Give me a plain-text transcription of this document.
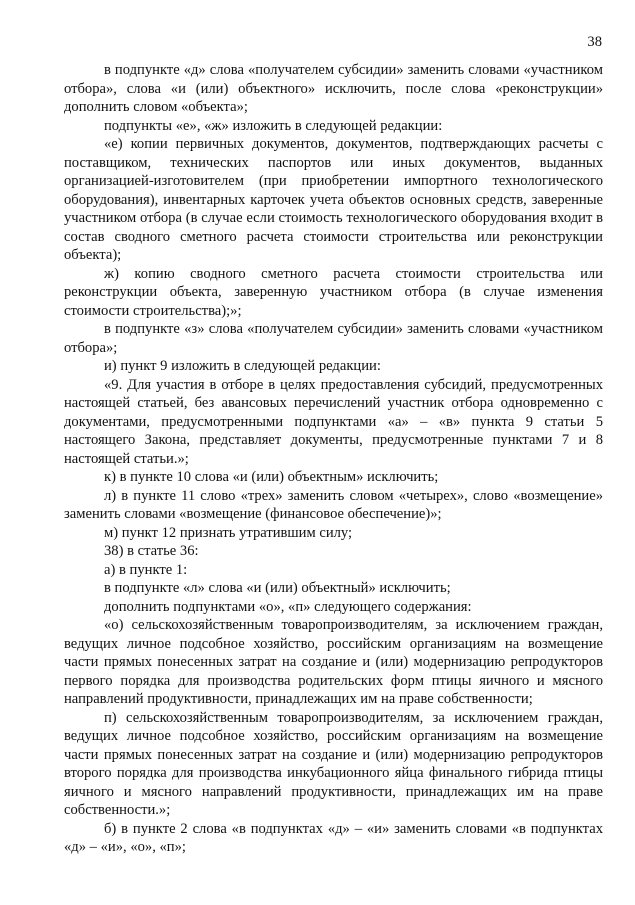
38

в подпункте «д» слова «получателем субсидии» заменить словами «участником отбора», слова «и (или) объектного» исключить, после слова «реконструкции» дополнить словом «объекта»;

подпункты «е», «ж» изложить в следующей редакции:

«е) копии первичных документов, документов, подтверждающих расчеты с поставщиком, технических паспортов или иных документов, выданных организацией-изготовителем (при приобретении импортного технологического оборудования), инвентарных карточек учета объектов основных средств, заверенные участником отбора (в случае если стоимость технологического оборудования входит в состав сводного сметного расчета стоимости строительства или реконструкции объекта);

ж) копию сводного сметного расчета стоимости строительства или реконструкции объекта, заверенную участником отбора (в случае изменения стоимости строительства);»;

в подпункте «з» слова «получателем субсидии» заменить словами «участником отбора»;

и) пункт 9 изложить в следующей редакции:

«9. Для участия в отборе в целях предоставления субсидий, предусмотренных настоящей статьей, без авансовых перечислений участник отбора одновременно с документами, предусмотренными подпунктами «а» – «в» пункта 9 статьи 5 настоящего Закона, представляет документы, предусмотренные пунктами 7 и 8 настоящей статьи.»;

к) в пункте 10 слова «и (или) объектным» исключить;

л) в пункте 11 слово «трех» заменить словом «четырех», слово «возмещение» заменить словами «возмещение (финансовое обеспечение)»;

м) пункт 12 признать утратившим силу;

38) в статье 36:

а) в пункте 1:

в подпункте «л» слова «и (или) объектный» исключить;

дополнить подпунктами «о», «п» следующего содержания:

«о) сельскохозяйственным товаропроизводителям, за исключением граждан, ведущих личное подсобное хозяйство, российским организациям на возмещение части прямых понесенных затрат на создание и (или) модернизацию репродукторов первого порядка для производства родительских форм птицы яичного и мясного направлений продуктивности, принадлежащих им на праве собственности;

п) сельскохозяйственным товаропроизводителям, за исключением граждан, ведущих личное подсобное хозяйство, российским организациям на возмещение части прямых понесенных затрат на создание и (или) модернизацию репродукторов второго порядка для производства инкубационного яйца финального гибрида птицы яичного и мясного направлений продуктивности, принадлежащих им на праве собственности.»;

б) в пункте 2 слова «в подпунктах «д» – «и» заменить словами «в подпунктах «д» – «и», «о», «п»;
